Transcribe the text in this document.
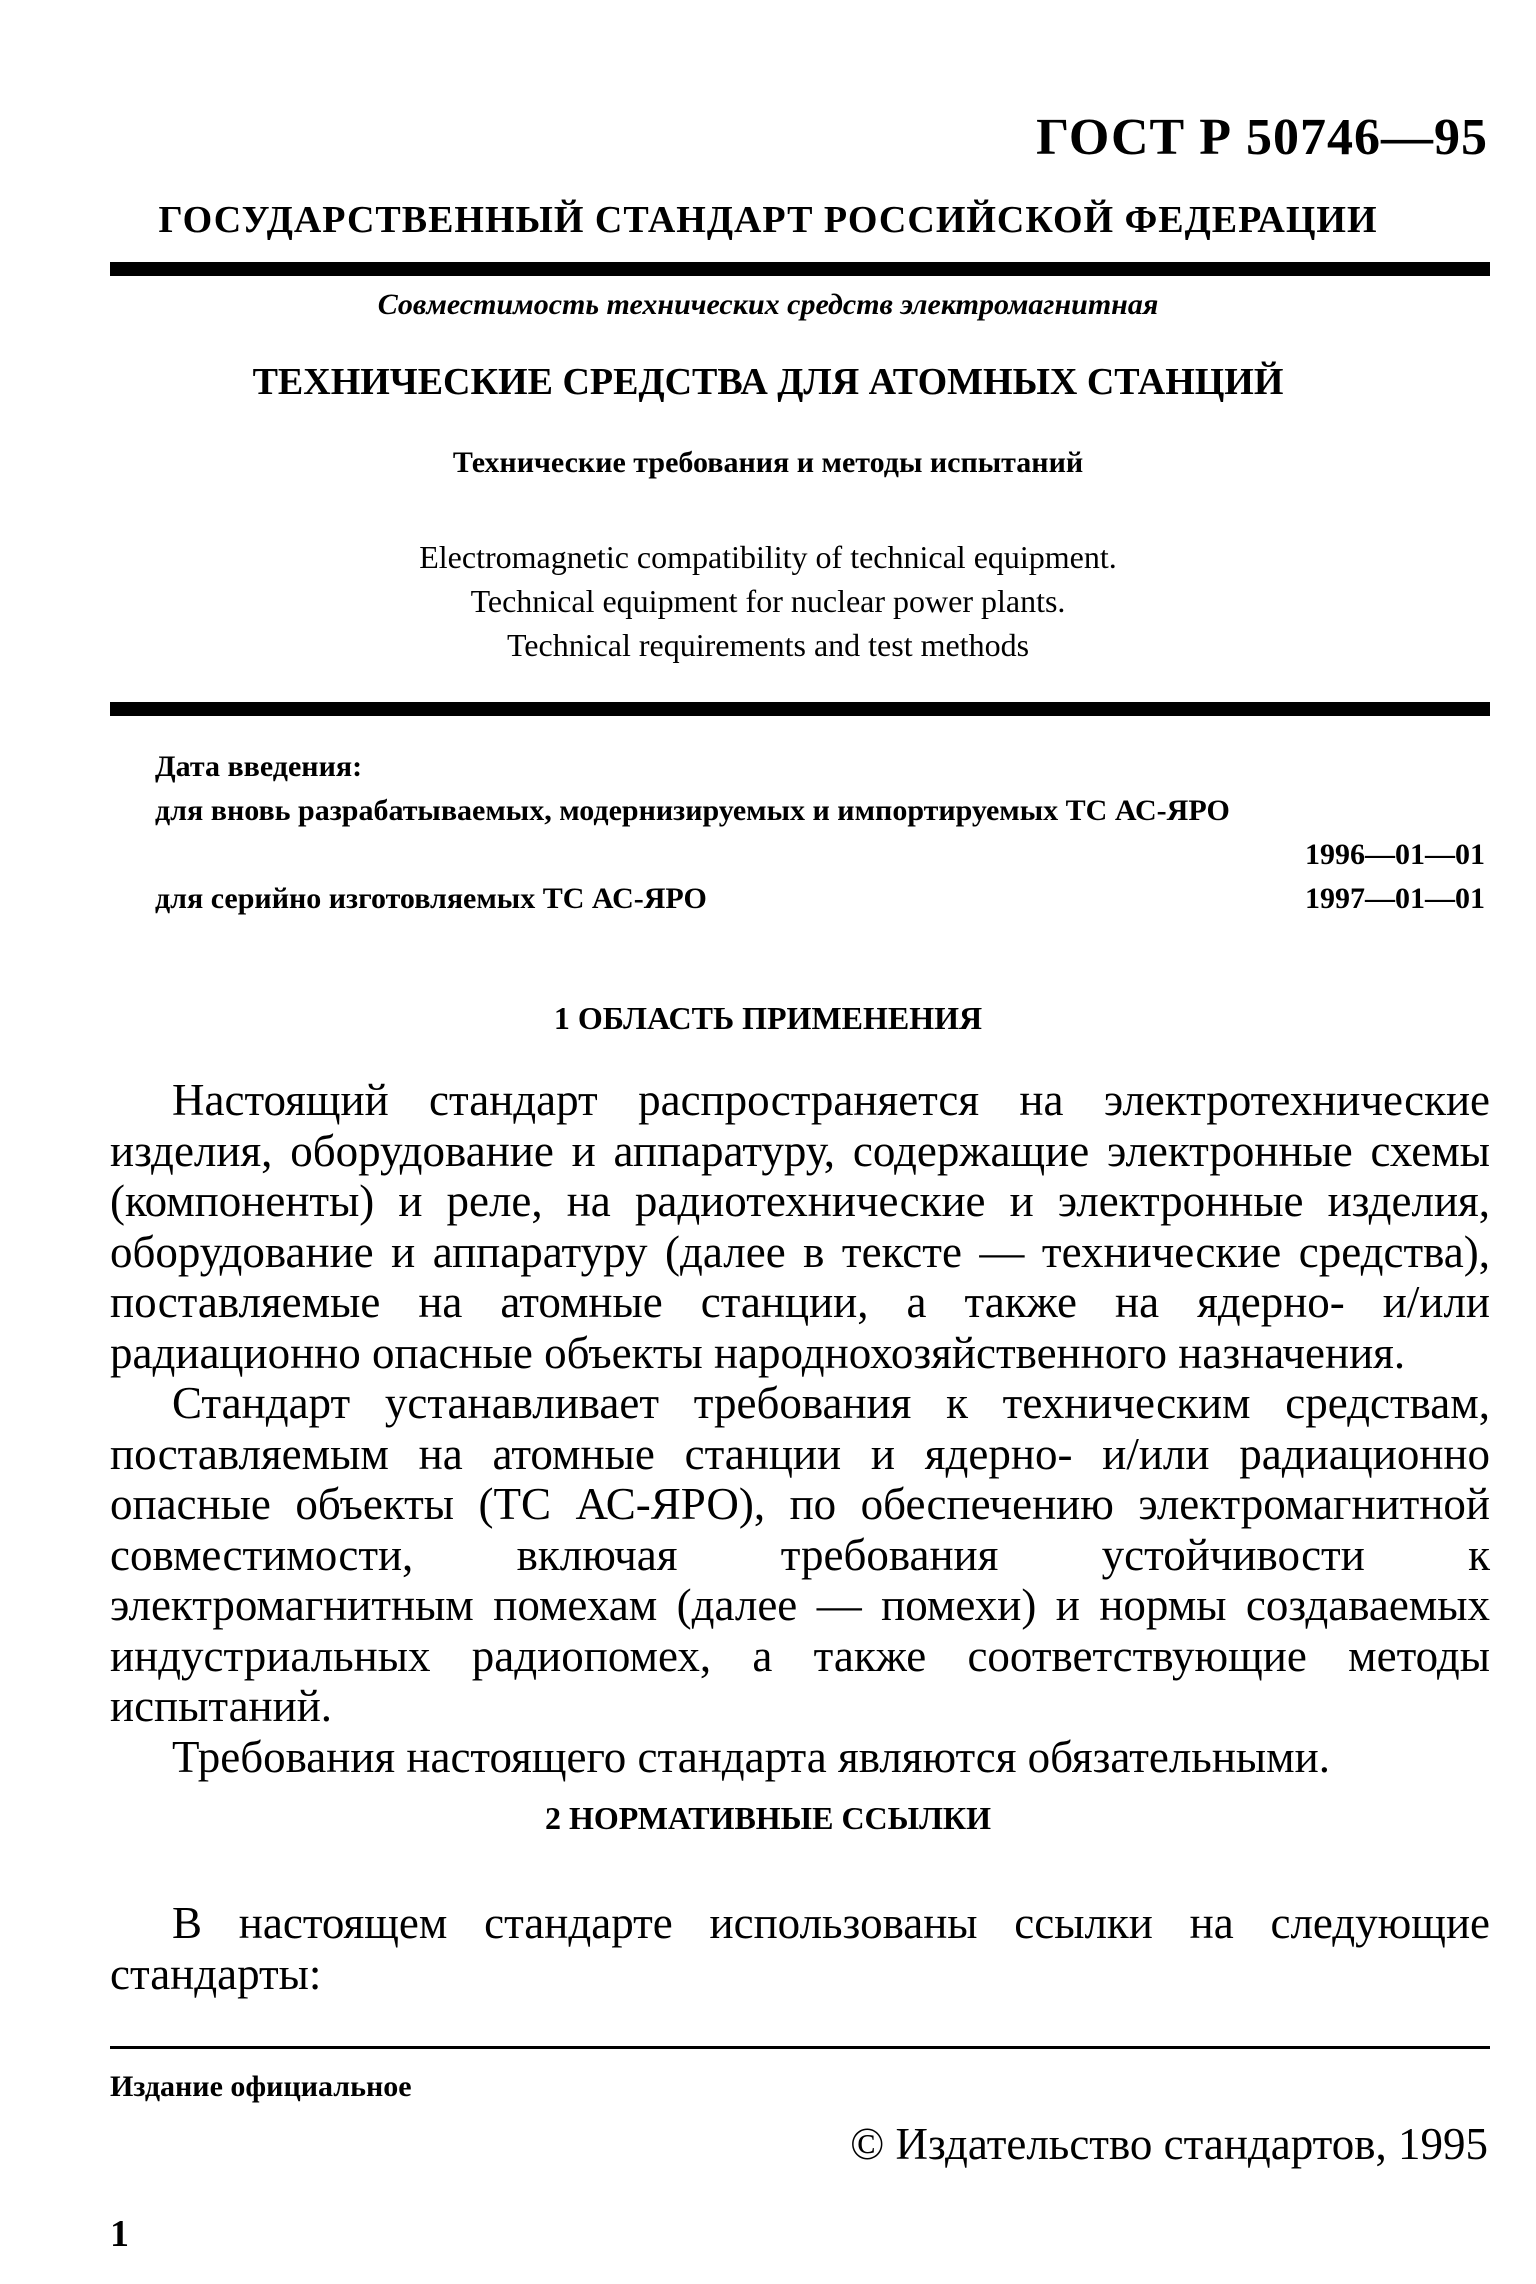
ГОСТ Р 50746—95
ГОСУДАРСТВЕННЫЙ СТАНДАРТ РОССИЙСКОЙ ФЕДЕРАЦИИ
Совместимость технических средств электромагнитная
ТЕХНИЧЕСКИЕ СРЕДСТВА ДЛЯ АТОМНЫХ СТАНЦИЙ
Технические требования и методы испытаний
Electromagnetic compatibility of technical equipment.
Technical equipment for nuclear power plants.
Technical requirements and test methods
Дата введения:
для вновь разрабатываемых, модернизируемых и импортируемых ТС АС-ЯРО
1996—01—01
для серийно изготовляемых ТС АС-ЯРО	1997—01—01
1 ОБЛАСТЬ ПРИМЕНЕНИЯ

Настоящий стандарт распространяется на электротехнические изделия, оборудование и аппаратуру, содержащие электронные схемы (компоненты) и реле, на радиотехнические и электронные изделия, оборудование и аппаратуру (далее в тексте — технические средства), поставляемые на атомные станции, а также на ядерно- и/или радиационно опасные объекты народнохозяйственного назначения.

Стандарт устанавливает требования к техническим средствам, поставляемым на атомные станции и ядерно- и/или радиационно опасные объекты (ТС АС-ЯРО), по обеспечению электромагнитной совместимости, включая требования устойчивости к электромагнитным помехам (далее — помехи) и нормы создаваемых индустриальных радиопомех, а также соответствующие методы испытаний.

Требования настоящего стандарта являются обязательными.

2 НОРМАТИВНЫЕ ССЫЛКИ

В настоящем стандарте использованы ссылки на следующие стандарты:

Издание официальное
© Издательство стандартов, 1995
1
